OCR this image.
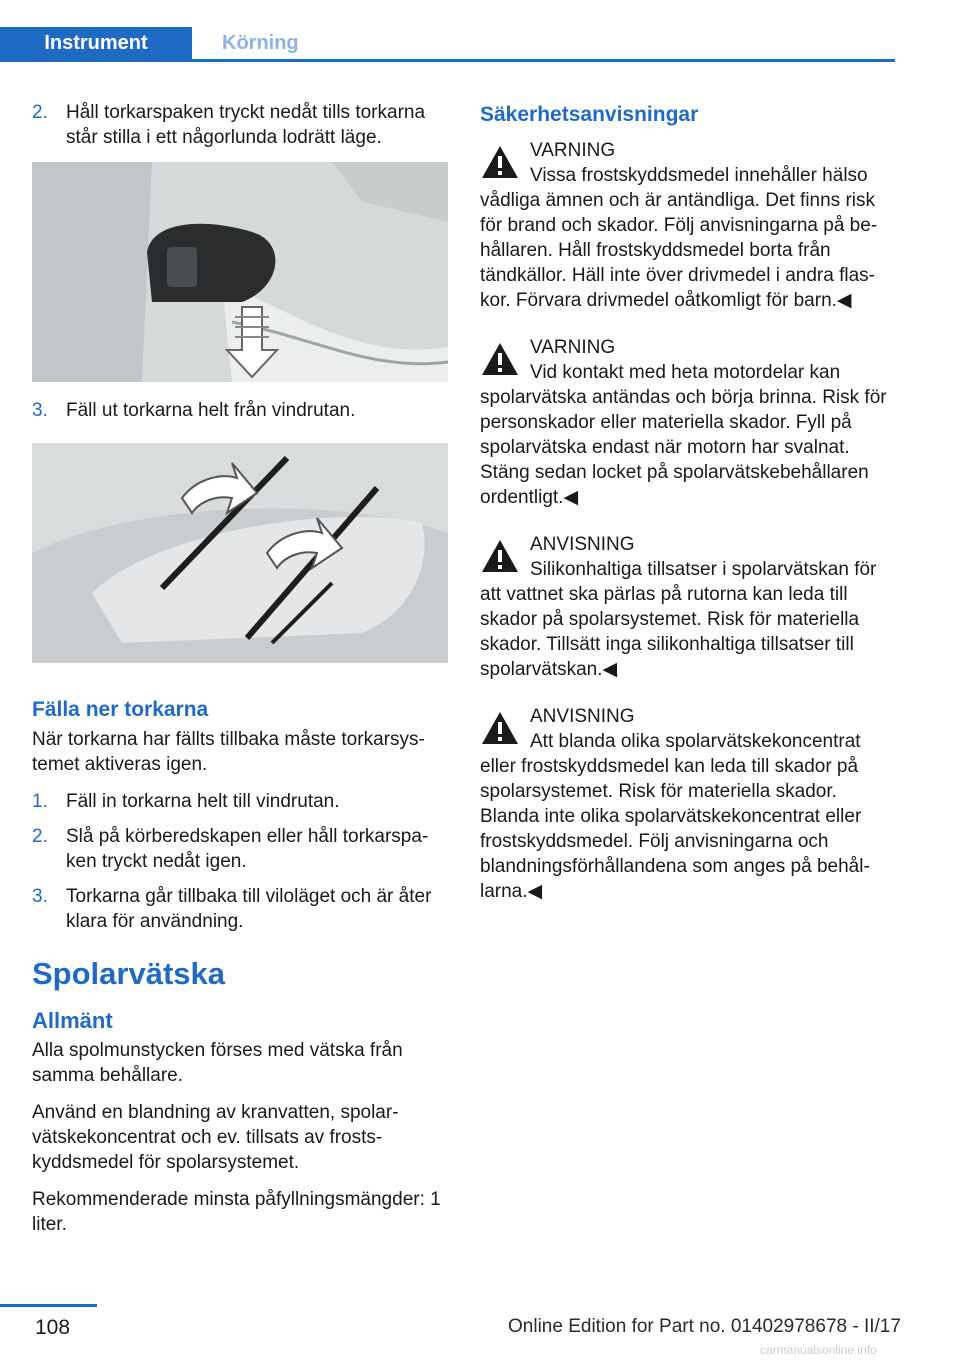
Instrument	Körning
2. Håll torkarspaken tryckt nedåt tills torkarna står stilla i ett någorlunda lodrätt läge.
3. Fäll ut torkarna helt från vindrutan.
Fälla ner torkarna
När torkarna har fällts tillbaka måste torkarsystemet aktiveras igen.
1. Fäll in torkarna helt till vindrutan.
2. Slå på körberedskapen eller håll torkarspaken tryckt nedåt igen.
3. Torkarna går tillbaka till viloläget och är åter klara för användning.
Spolarvätska
Allmänt
Alla spolmunstycken förses med vätska från samma behållare.
Använd en blandning av kranvatten, spolarvätskekoncentrat och ev. tillsats av frostskyddsmedel för spolarsystemet.
Rekommenderade minsta påfyllningsmängder: 1 liter.
Säkerhetsanvisningar
VARNING
Vissa frostskyddsmedel innehåller hälso
vådliga ämnen och är antändliga. Det finns risk för brand och skador. Följ anvisningarna på behållaren. Håll frostskyddsmedel borta från tändkällor. Häll inte över drivmedel i andra flaskor. Förvara drivmedel oåtkomligt för barn.◀
VARNING
Vid kontakt med heta motordelar kan
spolarvätska antändas och börja brinna. Risk för personskador eller materiella skador. Fyll på spolarvätska endast när motorn har svalnat. Stäng sedan locket på spolarvätskebehållaren ordentligt.◀
ANVISNING
Silikonhaltiga tillsatser i spolarvätskan för
att vattnet ska pärlas på rutorna kan leda till skador på spolarsystemet. Risk för materiella skador. Tillsätt inga silikonhaltiga tillsatser till spolarvätskan.◀
ANVISNING
Att blanda olika spolarvätskekoncentrat
eller frostskyddsmedel kan leda till skador på spolarsystemet. Risk för materiella skador. Blanda inte olika spolarvätskekoncentrat eller frostskyddsmedel. Följ anvisningarna och blandningsförhållandena som anges på behållarna.◀
108	Online Edition for Part no. 01402978678 - II/17
carmanualsonline.info
